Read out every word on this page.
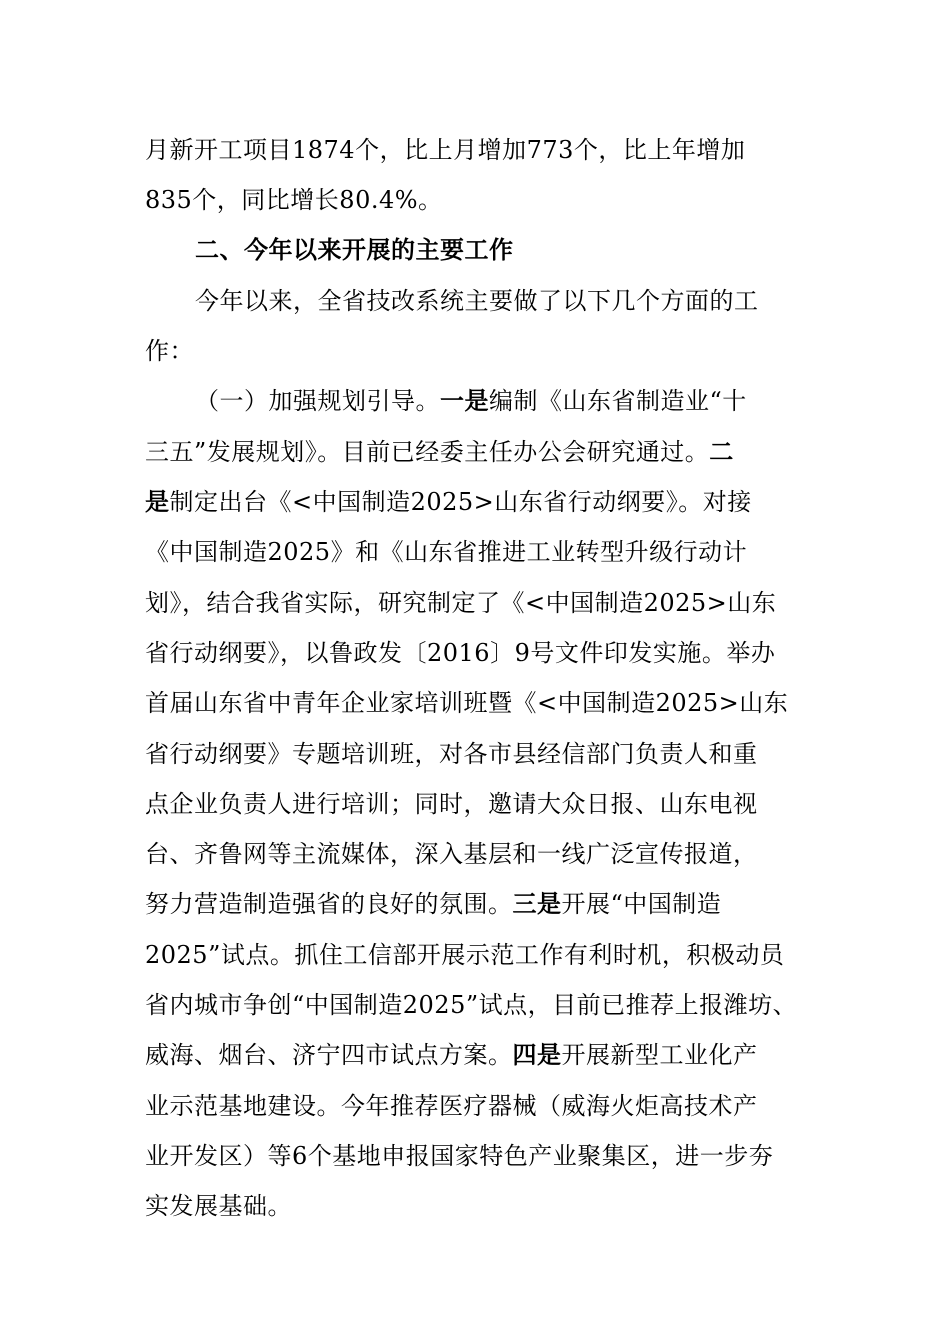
月新开工项目1874个，比上月增加773个，比上年增加
835个，同比增长80.4%。
二、今年以来开展的主要工作
今年以来，全省技改系统主要做了以下几个方面的工
作：
（一）加强规划引导。一是编制《山东省制造业“十
三五”发展规划》。目前已经委主任办公会研究通过。二
是制定出台《<中国制造2025>山东省行动纲要》。对接
《中国制造2025》和《山东省推进工业转型升级行动计
划》，结合我省实际，研究制定了《<中国制造2025>山东
省行动纲要》，以鲁政发〔2016〕9号文件印发实施。举办
首届山东省中青年企业家培训班暨《<中国制造2025>山东
省行动纲要》专题培训班，对各市县经信部门负责人和重
点企业负责人进行培训；同时，邀请大众日报、山东电视
台、齐鲁网等主流媒体，深入基层和一线广泛宣传报道，
努力营造制造强省的良好的氛围。三是开展“中国制造
2025”试点。抓住工信部开展示范工作有利时机，积极动员
省内城市争创“中国制造2025”试点，目前已推荐上报潍坊、
威海、烟台、济宁四市试点方案。四是开展新型工业化产
业示范基地建设。今年推荐医疗器械（威海火炬高技术产
业开发区）等6个基地申报国家特色产业聚集区，进一步夯
实发展基础。
